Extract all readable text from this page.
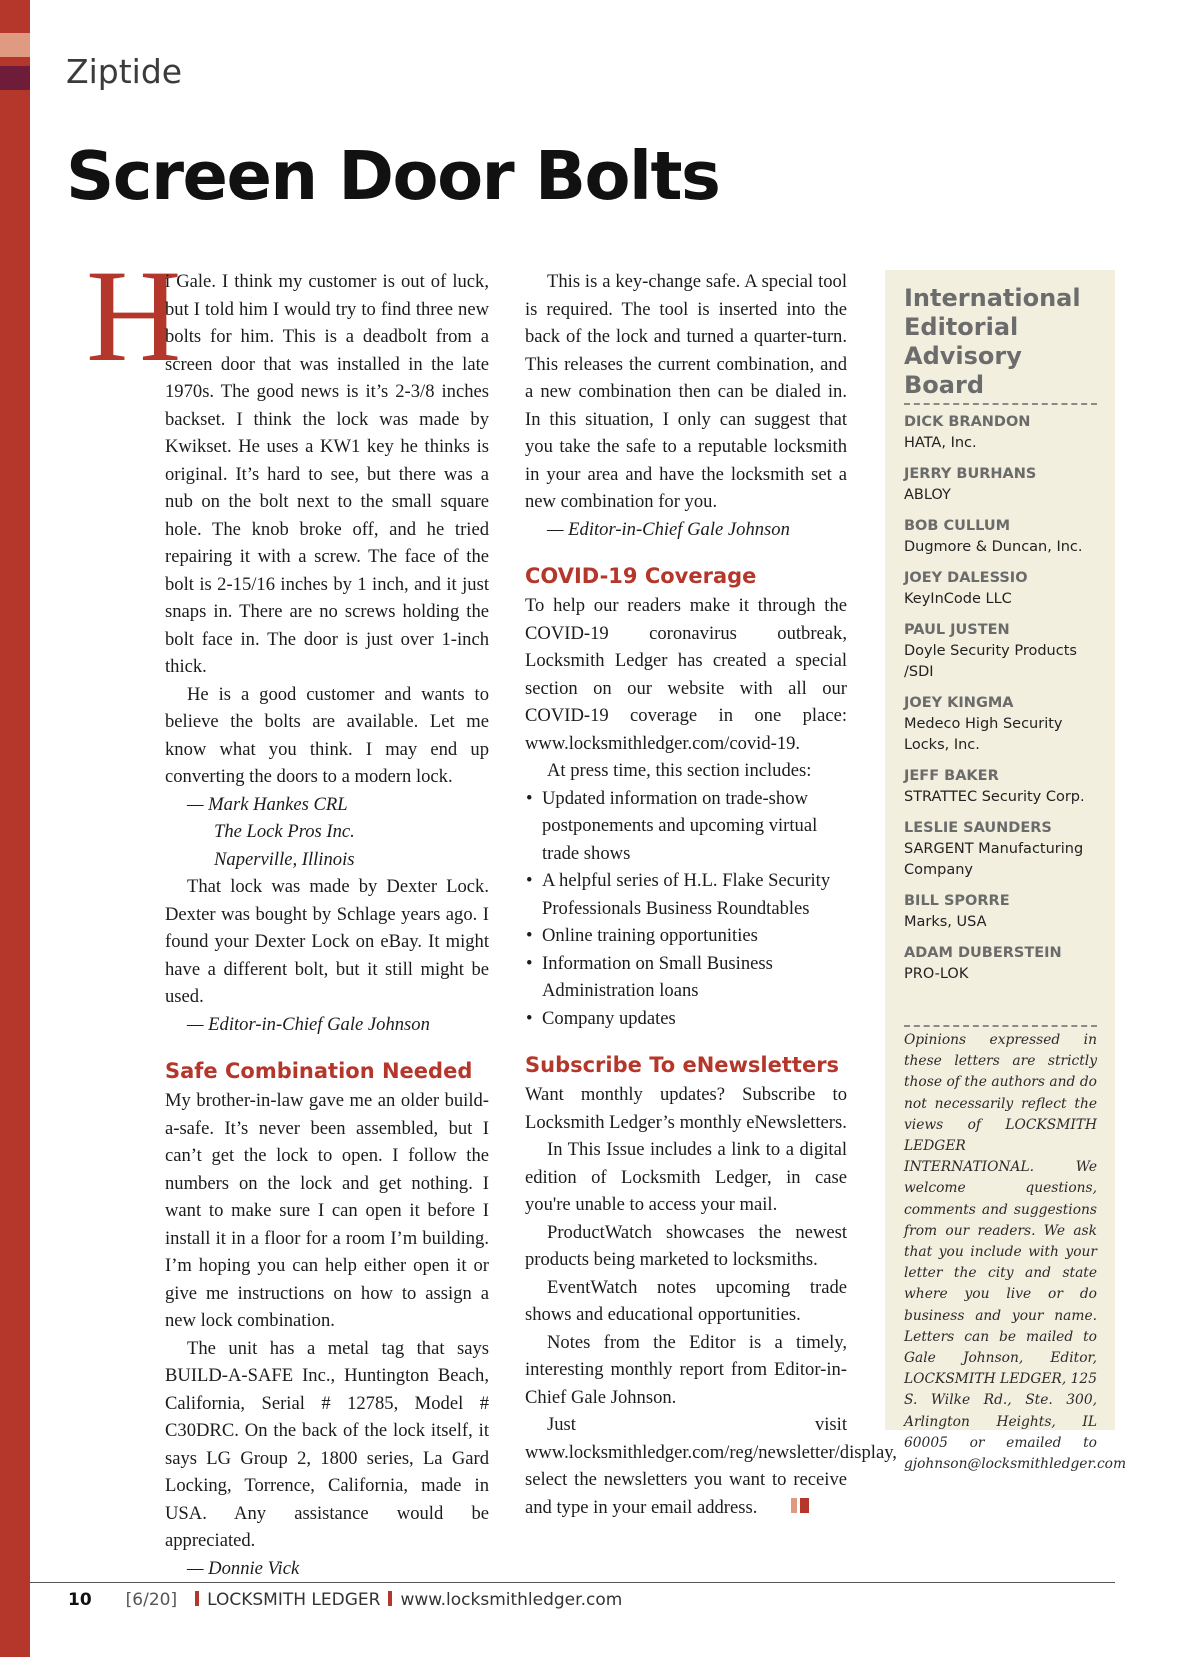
Ziptide
Screen Door Bolts
H

i Gale. I think my customer is out of luck, but I told him I would try to find three new bolts for him. This is a deadbolt from a screen door that was installed in the late 1970s. The good news is it’s 2-3/8 inches backset. I think the lock was made by Kwikset. He uses a KW1 key he thinks is original. It’s hard to see, but there was a nub on the bolt next to the small square hole. The knob broke off, and he tried repairing it with a screw. The face of the bolt is 2-15/16 inches by 1 inch, and it just snaps in. There are no screws holding the bolt face in. The door is just over 1-inch thick.

He is a good customer and wants to believe the bolts are available. Let me know what you think. I may end up converting the doors to a modern lock.

— Mark Hankes CRL

The Lock Pros Inc.

Naperville, Illinois

That lock was made by Dexter Lock. Dexter was bought by Schlage years ago. I found your Dexter Lock on eBay. It might have a different bolt, but it still might be used.

— Editor-in-Chief Gale Johnson

Safe Combination Needed

My brother-in-law gave me an older build-a-safe. It’s never been assembled, but I can’t get the lock to open. I follow the numbers on the lock and get nothing. I want to make sure I can open it before I install it in a floor for a room I’m building. I’m hoping you can help either open it or give me instructions on how to assign a new lock combination.

The unit has a metal tag that says BUILD-A-SAFE Inc., Huntington Beach, California, Serial # 12785, Model # C30DRC. On the back of the lock itself, it says LG Group 2, 1800 series, La Gard Locking, Torrence, California, made in USA. Any assistance would be appreciated.

— Donnie Vick

This is a key-change safe. A special tool is required. The tool is inserted into the back of the lock and turned a quarter-turn. This releases the current combination, and a new combination then can be dialed in. In this situation, I only can suggest that you take the safe to a reputable locksmith in your area and have the locksmith set a new combination for you.

— Editor-in-Chief Gale Johnson

COVID-19 Coverage

To help our readers make it through the COVID-19 coronavirus outbreak, Locksmith Ledger has created a special section on our website with all our COVID-19 coverage in one place: www.locksmithledger.com/covid-19.

At press time, this section includes:

• Updated information on trade-show postponements and upcoming virtual trade shows
• A helpful series of H.L. Flake Security Professionals Business Roundtables
• Online training opportunities
• Information on Small Business Administration loans
• Company updates
Subscribe To eNewsletters

Want monthly updates? Subscribe to Locksmith Ledger’s monthly eNewsletters.

In This Issue includes a link to a digital edition of Locksmith Ledger, in case you're unable to access your mail.

ProductWatch showcases the newest products being marketed to locksmiths.

EventWatch notes upcoming trade shows and educational opportunities.

Notes from the Editor is a timely, interesting monthly report from Editor-in-Chief Gale Johnson.

Just visit www.locksmithledger.com/reg/newsletter/display, select the newsletters you want to receive and type in your email address.

International Editorial Advisory Board
DICK BRANDON
HATA, Inc.
JERRY BURHANS
ABLOY
BOB CULLUM
Dugmore & Duncan, Inc.
JOEY DALESSIO
KeyInCode LLC
PAUL JUSTEN
Doyle Security Products /SDI
JOEY KINGMA
Medeco High Security Locks, Inc.
JEFF BAKER
STRATTEC Security Corp.
LESLIE SAUNDERS
SARGENT Manufacturing Company
BILL SPORRE
Marks, USA
ADAM DUBERSTEIN
PRO-LOK
Opinions expressed in these letters are strictly those of the authors and do not necessarily reflect the views of LOCKSMITH LEDGER INTERNATIONAL. We welcome questions, comments and suggestions from our readers. We ask that you include with your letter the city and state where you live or do business and your name. Letters can be mailed to Gale Johnson, Editor, LOCKSMITH LEDGER, 125 S. Wilke Rd., Ste. 300, Arlington Heights, IL 60005 or emailed to gjohnson@locksmithledger.com
10 [6/20] LOCKSMITH LEDGER www.locksmithledger.com
